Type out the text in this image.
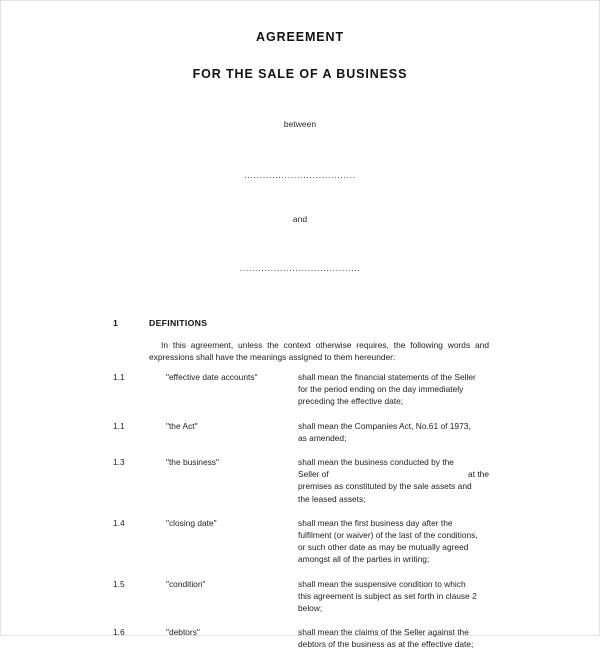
AGREEMENT
FOR THE SALE OF A BUSINESS
between
....................................
and
.......................................
1	DEFINITIONS
In this agreement, unless the context otherwise requires, the following words and expressions shall have the meanings assigned to them hereunder:
1.1	"effective date accounts"	shall mean the financial statements of the Seller
for the period ending on the day immediately
preceding the effective date;
1.1	"the Act"	shall mean the Companies Act, No.61 of 1973,
as amended;
1.3	"the business"	shall mean the business conducted by the
Seller of	at the
premises as constituted by the sale assets and
the leased assets;
1.4	"closing date"	shall mean the first business day after the
fulfilment (or waiver) of the last of the conditions,
or such other date as may be mutually agreed
amongst all of the parties in writing;
1.5	"condition"	shall mean the suspensive condition to which
this agreement is subject as set forth in clause 2
below;
1.6	"debtors"	shall mean the claims of the Seller against the
debtors of the business as at the effective date;
